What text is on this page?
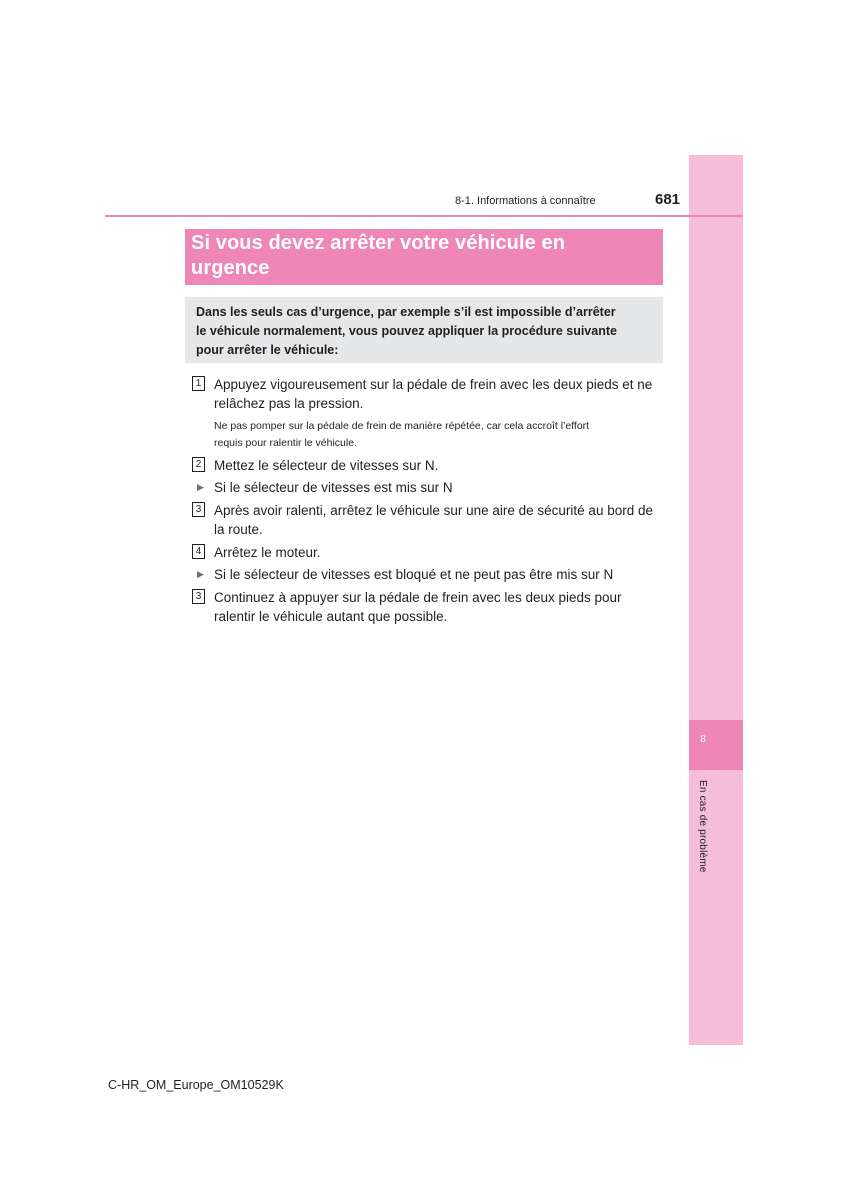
8
En cas de problème
8-1. Informations à connaître	681
Si vous devez arrêter votre véhicule en
urgence
Dans les seuls cas d’urgence, par exemple s’il est impossible d’arrêter
le véhicule normalement, vous pouvez appliquer la procédure suivante
pour arrêter le véhicule:
1 Appuyez vigoureusement sur la pédale de frein avec les deux pieds et ne
relâchez pas la pression.
Ne pas pomper sur la pédale de frein de manière répétée, car cela accroît l’effort
requis pour ralentir le véhicule.
2 Mettez le sélecteur de vitesses sur N.
▶ Si le sélecteur de vitesses est mis sur N
3 Après avoir ralenti, arrêtez le véhicule sur une aire de sécurité au bord de
la route.
4 Arrêtez le moteur.
▶ Si le sélecteur de vitesses est bloqué et ne peut pas être mis sur N
3 Continuez à appuyer sur la pédale de frein avec les deux pieds pour
ralentir le véhicule autant que possible.
C-HR_OM_Europe_OM10529K
